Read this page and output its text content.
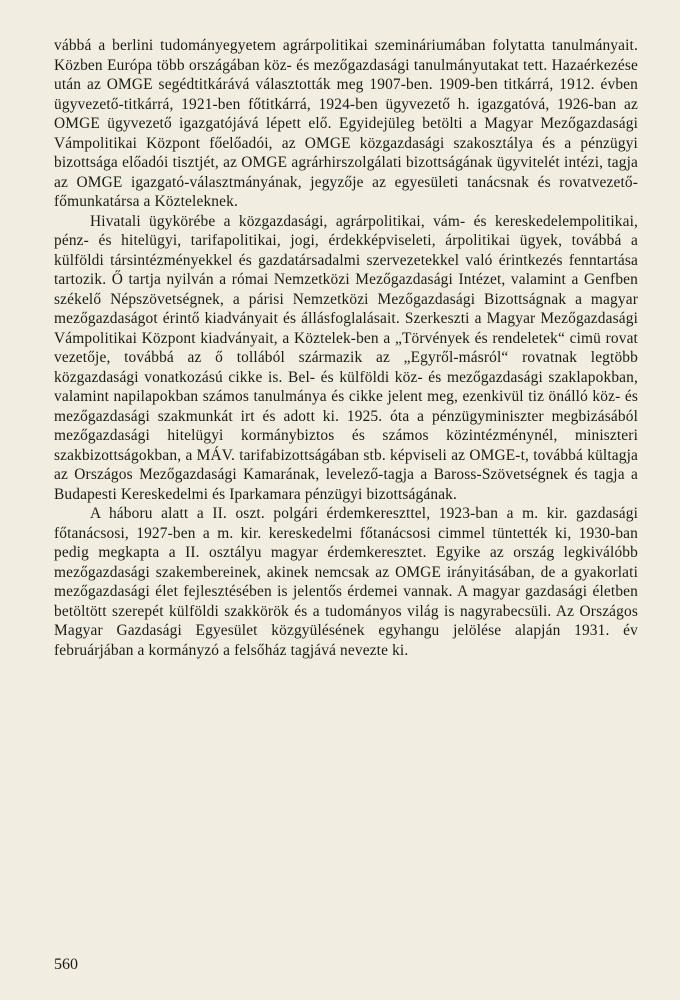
vábbá a berlini tudományegyetem agrárpolitikai szemináriumában folytatta tanulmányait. Közben Európa több országában köz- és mezőgazdasági tanulmányutakat tett. Hazaérkezése után az OMGE segédtitkárává választották meg 1907-ben. 1909-ben titkárrá, 1912. évben ügyvezető-titkárrá, 1921-ben főtitkárrá, 1924-ben ügyvezető h. igazgatóvá, 1926-ban az OMGE ügyvezető igazgatójává lépett elő. Egyidejüleg betölti a Magyar Mezőgazdasági Vámpolitikai Központ főelőadói, az OMGE közgazdasági szakosztálya és a pénzügyi bizottsága előadói tisztjét, az OMGE agrárhirszolgálati bizottságának ügyvitelét intézi, tagja az OMGE igazgató-választmányának, jegyzője az egyesületi tanácsnak és rovatvezető-főmunkatársa a Közteleknek.

Hivatali ügykörébe a közgazdasági, agrárpolitikai, vám- és kereskedelempolitikai, pénz- és hitelügyi, tarifapolitikai, jogi, érdekképviseleti, árpolitikai ügyek, továbbá a külföldi társintézményekkel és gazdatársadalmi szervezetekkel való érintkezés fenntartása tartozik. Ő tartja nyilván a római Nemzetközi Mezőgazdasági Intézet, valamint a Genfben székelő Népszövetségnek, a párisi Nemzetközi Mezőgazdasági Bizottságnak a magyar mezőgazdaságot érintő kiadványait és állásfoglalásait. Szerkeszti a Magyar Mezőgazdasági Vámpolitikai Központ kiadványait, a Köztelek-ben a „Törvények és rendeletek“ cimü rovat vezetője, továbbá az ő tollából származik az „Egyről-másról“ rovatnak legtöbb közgazdasági vonatkozású cikke is. Bel- és külföldi köz- és mezőgazdasági szaklapokban, valamint napilapokban számos tanulmánya és cikke jelent meg, ezenkivül tiz önálló köz- és mezőgazdasági szakmunkát irt és adott ki. 1925. óta a pénzügyminiszter megbizásából mezőgazdasági hitelügyi kormánybiztos és számos közintézménynél, miniszteri szakbizottságokban, a MÁV. tarifabizottságában stb. képviseli az OMGE-t, továbbá kültagja az Országos Mezőgazdasági Kamarának, levelező-tagja a Baross-Szövetségnek és tagja a Budapesti Kereskedelmi és Iparkamara pénzügyi bizottságának.

A háboru alatt a II. oszt. polgári érdemkereszttel, 1923-ban a m. kir. gazdasági főtanácsosi, 1927-ben a m. kir. kereskedelmi főtanácsosi cimmel tüntették ki, 1930-ban pedig megkapta a II. osztályu magyar érdemkeresztet. Egyike az ország legkiválóbb mezőgazdasági szakembereinek, akinek nemcsak az OMGE irányitásában, de a gyakorlati mezőgazdasági élet fejlesztésében is jelentős érdemei vannak. A magyar gazdasági életben betöltött szerepét külföldi szakkörök és a tudományos világ is nagyrabecsüli. Az Országos Magyar Gazdasági Egyesület közgyülésének egyhangu jelölése alapján 1931. év februárjában a kormányzó a felsőház tagjává nevezte ki.

560
